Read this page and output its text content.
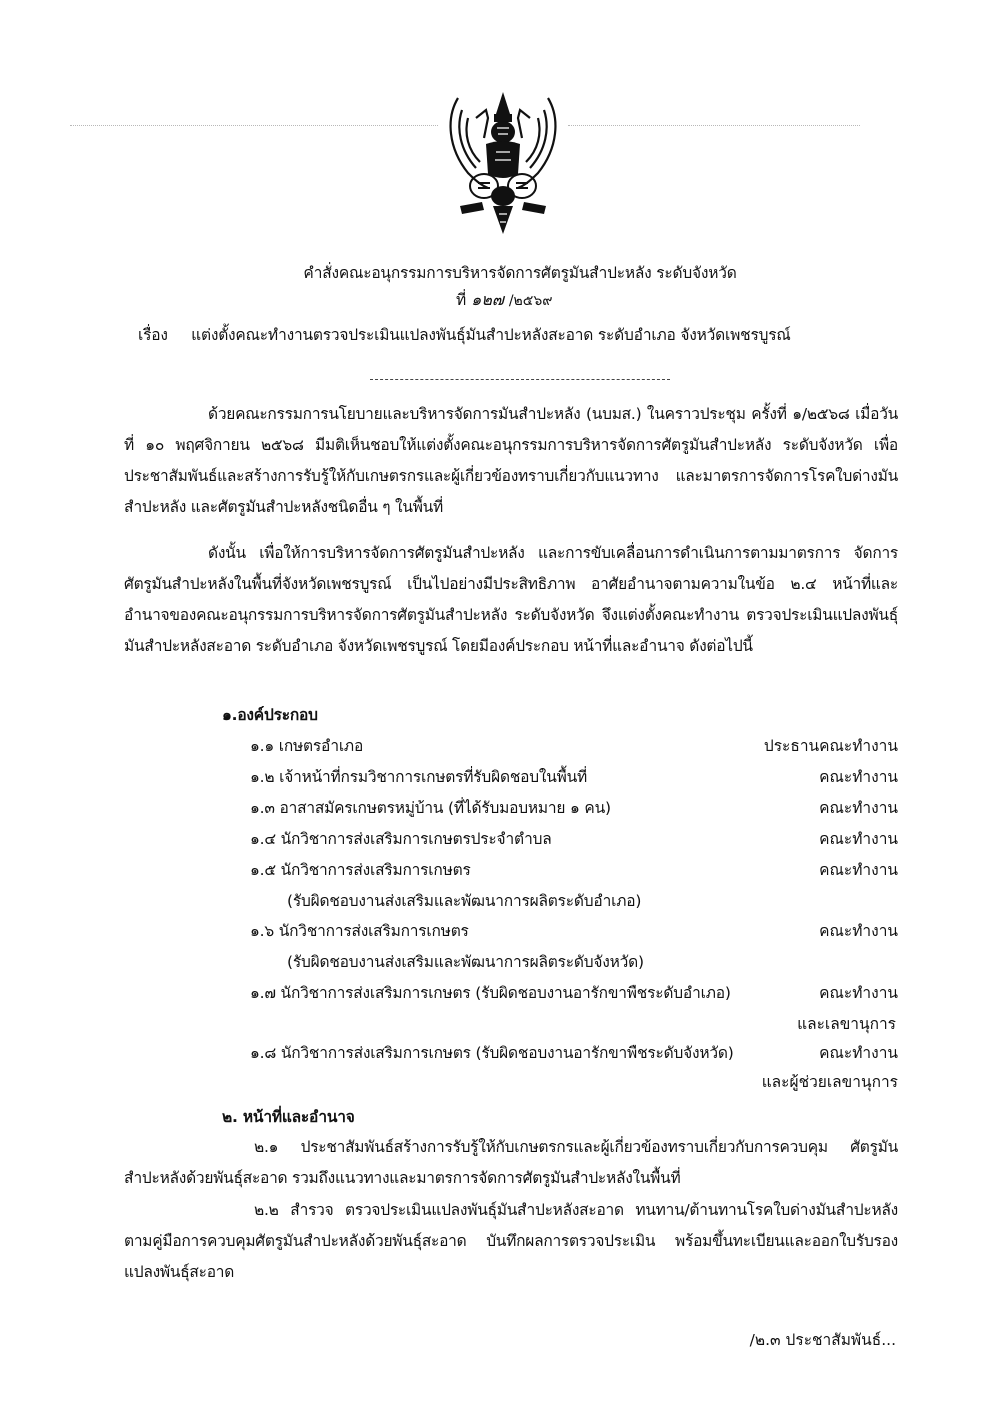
คำสั่งคณะอนุกรรมการบริหารจัดการศัตรูมันสำปะหลัง ระดับจังหวัด
ที่ ๑๒๗ /๒๕๖๙
เรื่อง แต่งตั้งคณะทำงานตรวจประเมินแปลงพันธุ์มันสำปะหลังสะอาด ระดับอำเภอ จังหวัดเพชรบูรณ์
ด้วยคณะกรรมการนโยบายและบริหารจัดการมันสำปะหลัง (นบมส.) ในคราวประชุม ครั้งที่ ๑/๒๕๖๘ เมื่อวันที่ ๑๐ พฤศจิกายน ๒๕๖๘ มีมติเห็นชอบให้แต่งตั้งคณะอนุกรรมการบริหารจัดการศัตรูมันสำปะหลัง ระดับจังหวัด เพื่อประชาสัมพันธ์และสร้างการรับรู้ให้กับเกษตรกรและผู้เกี่ยวข้องทราบเกี่ยวกับแนวทาง และมาตรการจัดการโรคใบด่างมันสำปะหลัง และศัตรูมันสำปะหลังชนิดอื่น ๆ ในพื้นที่
ดังนั้น เพื่อให้การบริหารจัดการศัตรูมันสำปะหลัง และการขับเคลื่อนการดำเนินการตามมาตรการ จัดการศัตรูมันสำปะหลังในพื้นที่จังหวัดเพชรบูรณ์ เป็นไปอย่างมีประสิทธิภาพ อาศัยอำนาจตามความในข้อ ๒.๔ หน้าที่และอำนาจของคณะอนุกรรมการบริหารจัดการศัตรูมันสำปะหลัง ระดับจังหวัด จึงแต่งตั้งคณะทำงาน ตรวจประเมินแปลงพันธุ์มันสำปะหลังสะอาด ระดับอำเภอ จังหวัดเพชรบูรณ์ โดยมีองค์ประกอบ หน้าที่และอำนาจ ดังต่อไปนี้
๑.องค์ประกอบ
๑.๑ เกษตรอำเภอ	ประธานคณะทำงาน
๑.๒ เจ้าหน้าที่กรมวิชาการเกษตรที่รับผิดชอบในพื้นที่	คณะทำงาน
๑.๓ อาสาสมัครเกษตรหมู่บ้าน (ที่ได้รับมอบหมาย ๑ คน)	คณะทำงาน
๑.๔ นักวิชาการส่งเสริมการเกษตรประจำตำบล	คณะทำงาน
๑.๕ นักวิชาการส่งเสริมการเกษตร	คณะทำงาน
(รับผิดชอบงานส่งเสริมและพัฒนาการผลิตระดับอำเภอ)
๑.๖ นักวิชาการส่งเสริมการเกษตร	คณะทำงาน
(รับผิดชอบงานส่งเสริมและพัฒนาการผลิตระดับจังหวัด)
๑.๗ นักวิชาการส่งเสริมการเกษตร (รับผิดชอบงานอารักขาพืชระดับอำเภอ)	คณะทำงาน
และเลขานุการ
๑.๘ นักวิชาการส่งเสริมการเกษตร (รับผิดชอบงานอารักขาพืชระดับจังหวัด)	คณะทำงาน
และผู้ช่วยเลขานุการ
๒. หน้าที่และอำนาจ
๒.๑ ประชาสัมพันธ์สร้างการรับรู้ให้กับเกษตรกรและผู้เกี่ยวข้องทราบเกี่ยวกับการควบคุม ศัตรูมันสำปะหลังด้วยพันธุ์สะอาด รวมถึงแนวทางและมาตรการจัดการศัตรูมันสำปะหลังในพื้นที่
๒.๒ สำรวจ ตรวจประเมินแปลงพันธุ์มันสำปะหลังสะอาด ทนทาน/ต้านทานโรคใบด่างมันสำปะหลัง ตามคู่มือการควบคุมศัตรูมันสำปะหลังด้วยพันธุ์สะอาด บันทึกผลการตรวจประเมิน พร้อมขึ้นทะเบียนและออกใบรับรอง แปลงพันธุ์สะอาด
/๒.๓ ประชาสัมพันธ์...
